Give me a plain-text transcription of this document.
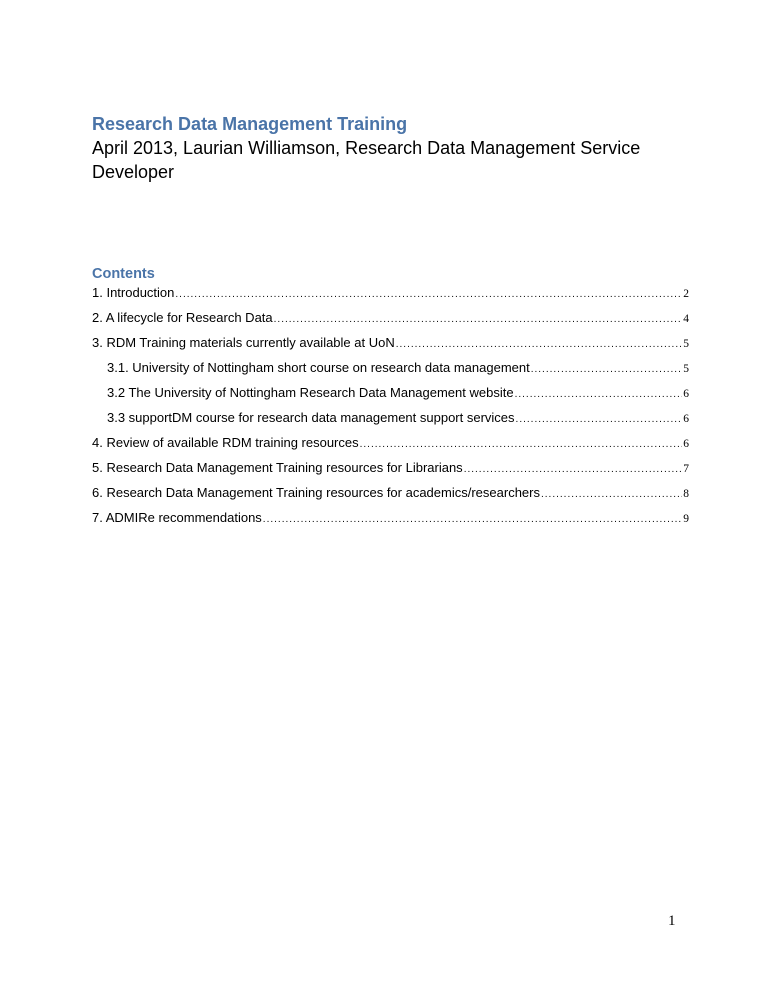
Research Data Management Training
April 2013, Laurian Williamson, Research Data Management Service Developer
Contents
1. Introduction .....	2
2. A lifecycle for Research Data .....	4
3. RDM Training materials currently available at UoN .....	5
3.1. University of Nottingham short course on research data management .....	5
3.2 The University of Nottingham Research Data Management website .....	6
3.3 supportDM course for research data management support services .....	6
4. Review of available RDM training resources .....	6
5. Research Data Management Training resources for Librarians .....	7
6. Research Data Management Training resources for academics/researchers .....	8
7. ADMIRe recommendations .....	9
1
